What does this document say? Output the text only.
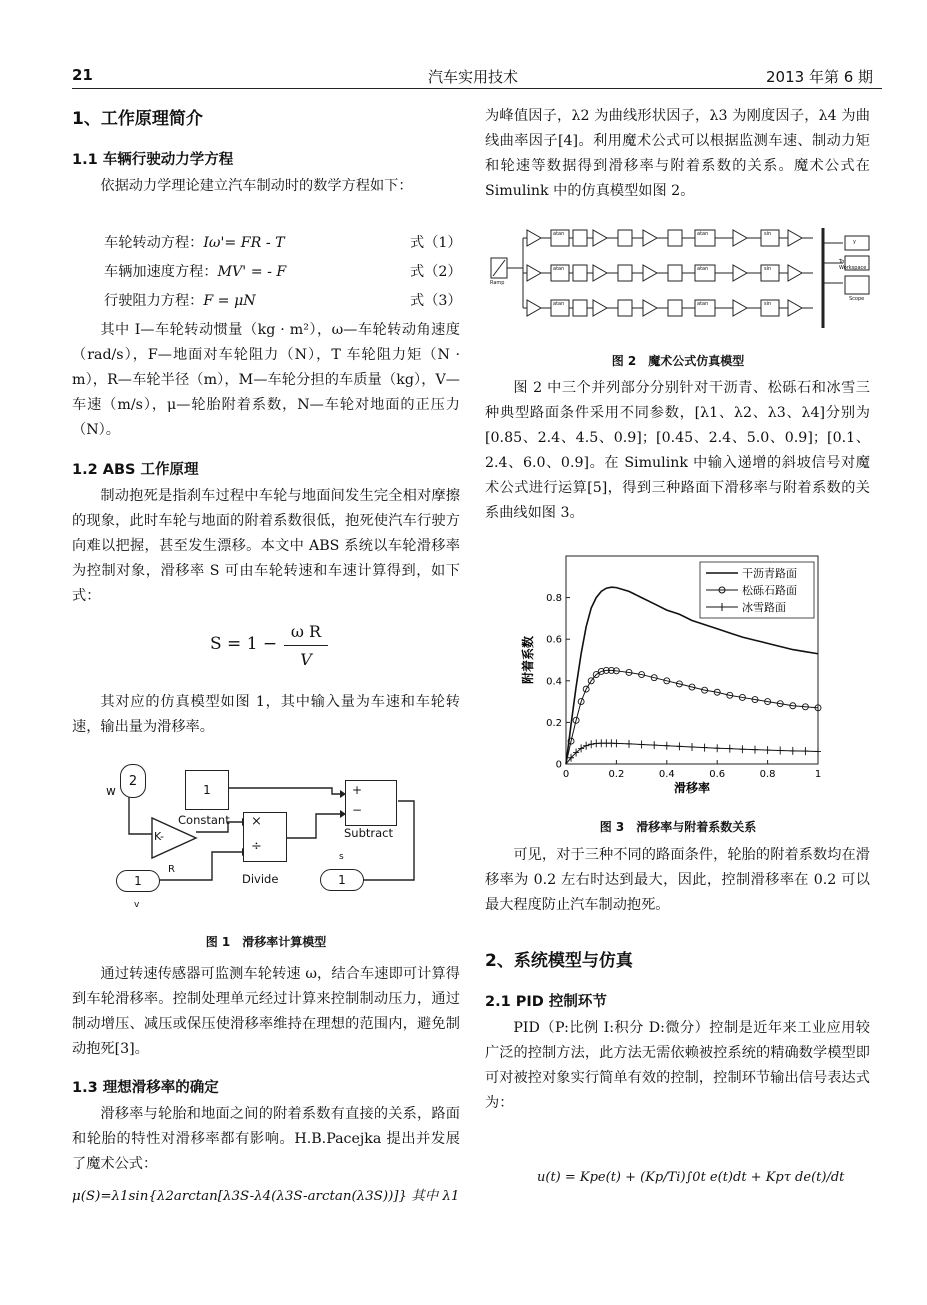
21	汽车实用技术	2013 年第 6 期
1、工作原理简介
1.1 车辆行驶动力学方程
依据动力学理论建立汽车制动时的数学方程如下：
车轮转动方程：Iω'= FR - T	式（1）
车辆加速度方程：MV' = - F	式（2）
行驶阻力方程：F = μN	式（3）
其中 I—车轮转动惯量（kg · m²），ω—车轮转动角速度（rad/s），F—地面对车轮阻力（N），T 车轮阻力矩（N · m），R—车轮半径（m），M—车轮分担的车质量（kg），V—车速（m/s），μ—轮胎附着系数，N—车轮对地面的正压力（N）。
1.2 ABS 工作原理
制动抱死是指刹车过程中车轮与地面间发生完全相对摩擦的现象，此时车轮与地面的附着系数很低，抱死使汽车行驶方向难以把握，甚至发生漂移。本文中 ABS 系统以车轮滑移率为控制对象，滑移率 S 可由车轮转速和车速计算得到，如下式：
S = 1 −
ω R
V
其对应的仿真模型如图 1，其中输入量为车速和车轮转速，输出量为滑移率。
2
w	1
Constant
K-
×
÷
Divide
+
−
Subtract
1
v
R
1
s
图 1　滑移率计算模型
通过转速传感器可监测车轮转速 ω，结合车速即可计算得到车轮滑移率。控制处理单元经过计算来控制制动压力，通过制动增压、减压或保压使滑移率维持在理想的范围内，避免制动抱死[3]。
1.3 理想滑移率的确定
滑移率与轮胎和地面之间的附着系数有直接的关系，路面和轮胎的特性对滑移率都有影响。H.B.Pacejka 提出并发展了魔术公式：
μ(S)=λ1sin{λ2arctan[λ3S-λ4(λ3S-arctan(λ3S))]} 其中 λ1
为峰值因子，λ2 为曲线形状因子，λ3 为刚度因子，λ4 为曲线曲率因子[4]。利用魔术公式可以根据监测车速、制动力矩和轮速等数据得到滑移率与附着系数的关系。魔术公式在 Simulink 中的仿真模型如图 2。
atan
atan
atan
atan
atan
atan
sin
sin
sin
Ramp
y
To Workspace
Scope
图 2　魔术公式仿真模型
图 2 中三个并列部分分别针对干沥青、松砾石和冰雪三种典型路面条件采用不同参数，[λ1、λ2、λ3、λ4]分别为[0.85、2.4、4.5、0.9]；[0.45、2.4、5.0、0.9]；[0.1、2.4、6.0、0.9]。在 Simulink 中输入递增的斜坡信号对魔术公式进行运算[5]，得到三种路面下滑移率与附着系数的关系曲线如图 3。
0	0.2	0.4	0.6	0.8	1
0
0.2
0.4
0.6
0.8
滑移率
附着系数
干沥青路面
松砾石路面
冰雪路面
图 3　滑移率与附着系数关系
可见，对于三种不同的路面条件，轮胎的附着系数均在滑移率为 0.2 左右时达到最大，因此，控制滑移率在 0.2 可以最大程度防止汽车制动抱死。
2、系统模型与仿真
2.1 PID 控制环节
PID（P:比例 I:积分 D:微分）控制是近年来工业应用较广泛的控制方法，此方法无需依赖被控系统的精确数学模型即可对被控对象实行简单有效的控制，控制环节输出信号表达式为：
u(t) = Kpe(t) + (Kp/Ti)∫0t e(t)dt + Kpτ de(t)/dt
